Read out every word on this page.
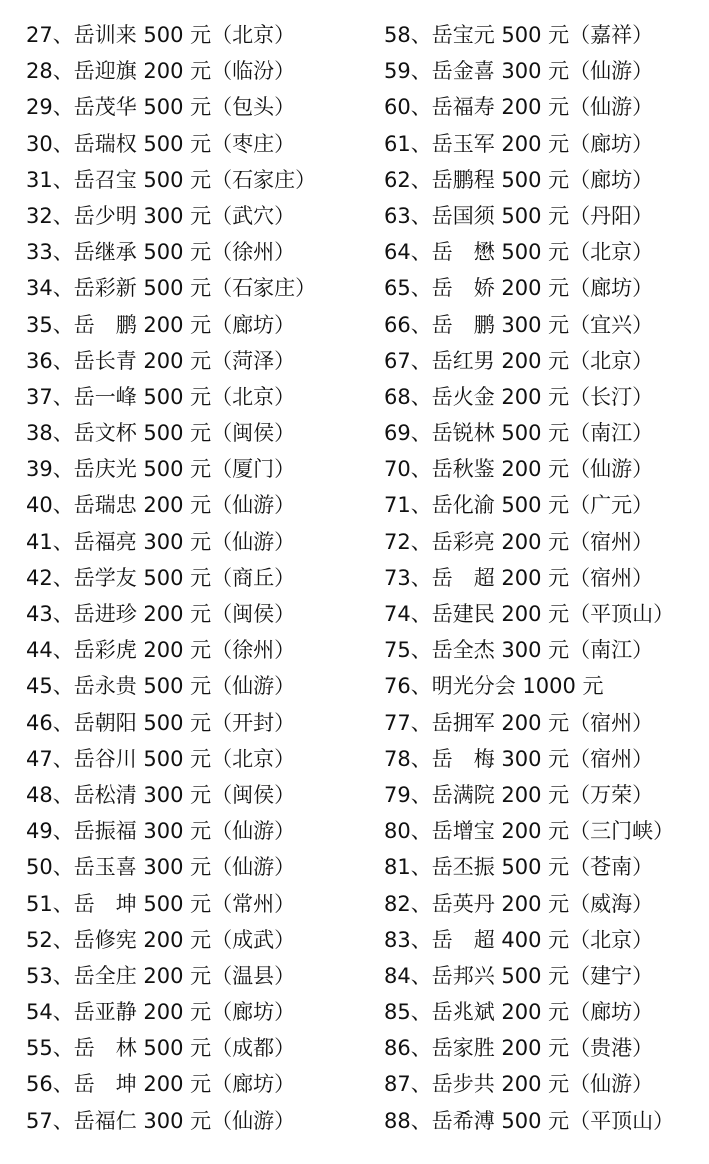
27、岳训来 500 元（北京）
28、岳迎旗 200 元（临汾）
29、岳茂华 500 元（包头）
30、岳瑞权 500 元（枣庄）
31、岳召宝 500 元（石家庄）
32、岳少明 300 元（武穴）
33、岳继承 500 元（徐州）
34、岳彩新 500 元（石家庄）
35、岳　鹏 200 元（廊坊）
36、岳长青 200 元（菏泽）
37、岳一峰 500 元（北京）
38、岳文杯 500 元（闽侯）
39、岳庆光 500 元（厦门）
40、岳瑞忠 200 元（仙游）
41、岳福亮 300 元（仙游）
42、岳学友 500 元（商丘）
43、岳进珍 200 元（闽侯）
44、岳彩虎 200 元（徐州）
45、岳永贵 500 元（仙游）
46、岳朝阳 500 元（开封）
47、岳谷川 500 元（北京）
48、岳松清 300 元（闽侯）
49、岳振福 300 元（仙游）
50、岳玉喜 300 元（仙游）
51、岳　坤 500 元（常州）
52、岳修宪 200 元（成武）
53、岳全庄 200 元（温县）
54、岳亚静 200 元（廊坊）
55、岳　林 500 元（成都）
56、岳　坤 200 元（廊坊）
57、岳福仁 300 元（仙游）
58、岳宝元 500 元（嘉祥）
59、岳金喜 300 元（仙游）
60、岳福寿 200 元（仙游）
61、岳玉军 200 元（廊坊）
62、岳鹏程 500 元（廊坊）
63、岳国须 500 元（丹阳）
64、岳　懋 500 元（北京）
65、岳　娇 200 元（廊坊）
66、岳　鹏 300 元（宜兴）
67、岳红男 200 元（北京）
68、岳火金 200 元（长汀）
69、岳锐林 500 元（南江）
70、岳秋鉴 200 元（仙游）
71、岳化渝 500 元（广元）
72、岳彩亮 200 元（宿州）
73、岳　超 200 元（宿州）
74、岳建民 200 元（平顶山）
75、岳全杰 300 元（南江）
76、明光分会 1000 元
77、岳拥军 200 元（宿州）
78、岳　梅 300 元（宿州）
79、岳满院 200 元（万荣）
80、岳增宝 200 元（三门峡）
81、岳丕振 500 元（苍南）
82、岳英丹 200 元（威海）
83、岳　超 400 元（北京）
84、岳邦兴 500 元（建宁）
85、岳兆斌 200 元（廊坊）
86、岳家胜 200 元（贵港）
87、岳步共 200 元（仙游）
88、岳希溥 500 元（平顶山）
